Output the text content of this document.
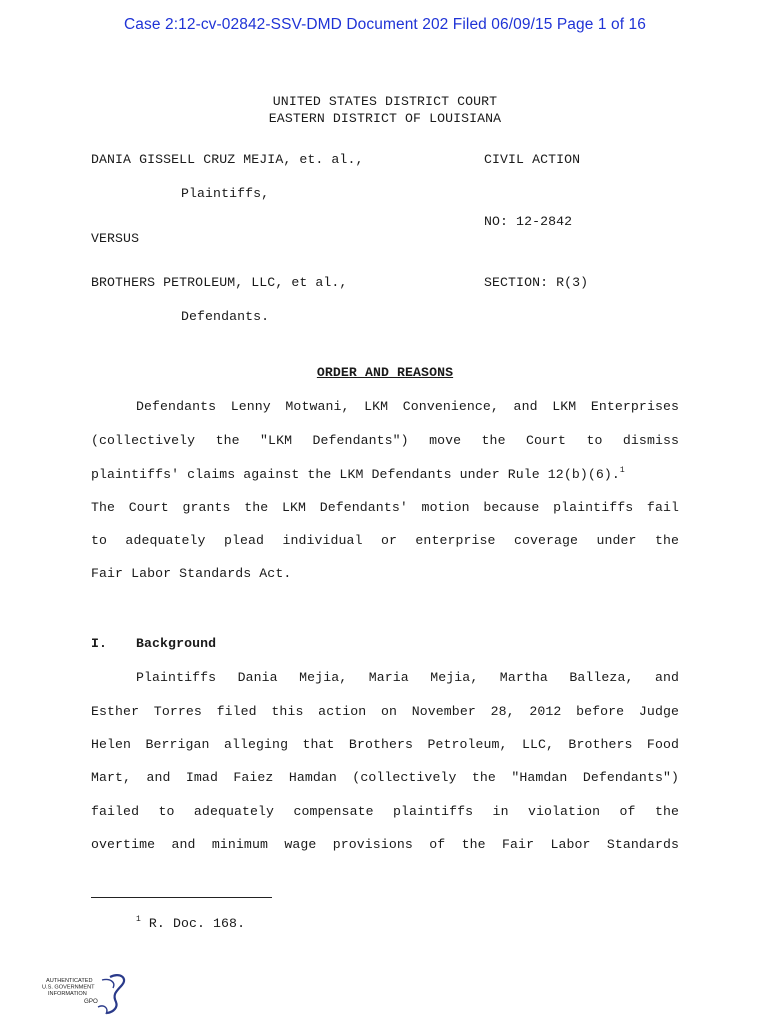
Case 2:12-cv-02842-SSV-DMD Document 202 Filed 06/09/15 Page 1 of 16
UNITED STATES DISTRICT COURT
EASTERN DISTRICT OF LOUISIANA
DANIA GISSELL CRUZ MEJIA, et. al.,	CIVIL ACTION
Plaintiffs,
NO: 12-2842
VERSUS
BROTHERS PETROLEUM, LLC, et al.,	SECTION: R(3)
Defendants.
ORDER AND REASONS
Defendants Lenny Motwani, LKM Convenience, and LKM Enterprises
(collectively the "LKM Defendants") move the Court to dismiss
plaintiffs' claims against the LKM Defendants under Rule 12(b)(6).$^1$
The Court grants the LKM Defendants' motion because plaintiffs fail
to adequately plead individual or enterprise coverage under the
Fair Labor Standards Act.
I. Background
Plaintiffs Dania Mejia, Maria Mejia, Martha Balleza, and
Esther Torres filed this action on November 28, 2012 before Judge
Helen Berrigan alleging that Brothers Petroleum, LLC, Brothers Food
Mart, and Imad Faiez Hamdan (collectively the "Hamdan Defendants")
failed to adequately compensate plaintiffs in violation of the
overtime and minimum wage provisions of the Fair Labor Standards
$^1$ R. Doc. 168.
AUTHENTICATED
U.S. GOVERNMENT
INFORMATION
GPO
